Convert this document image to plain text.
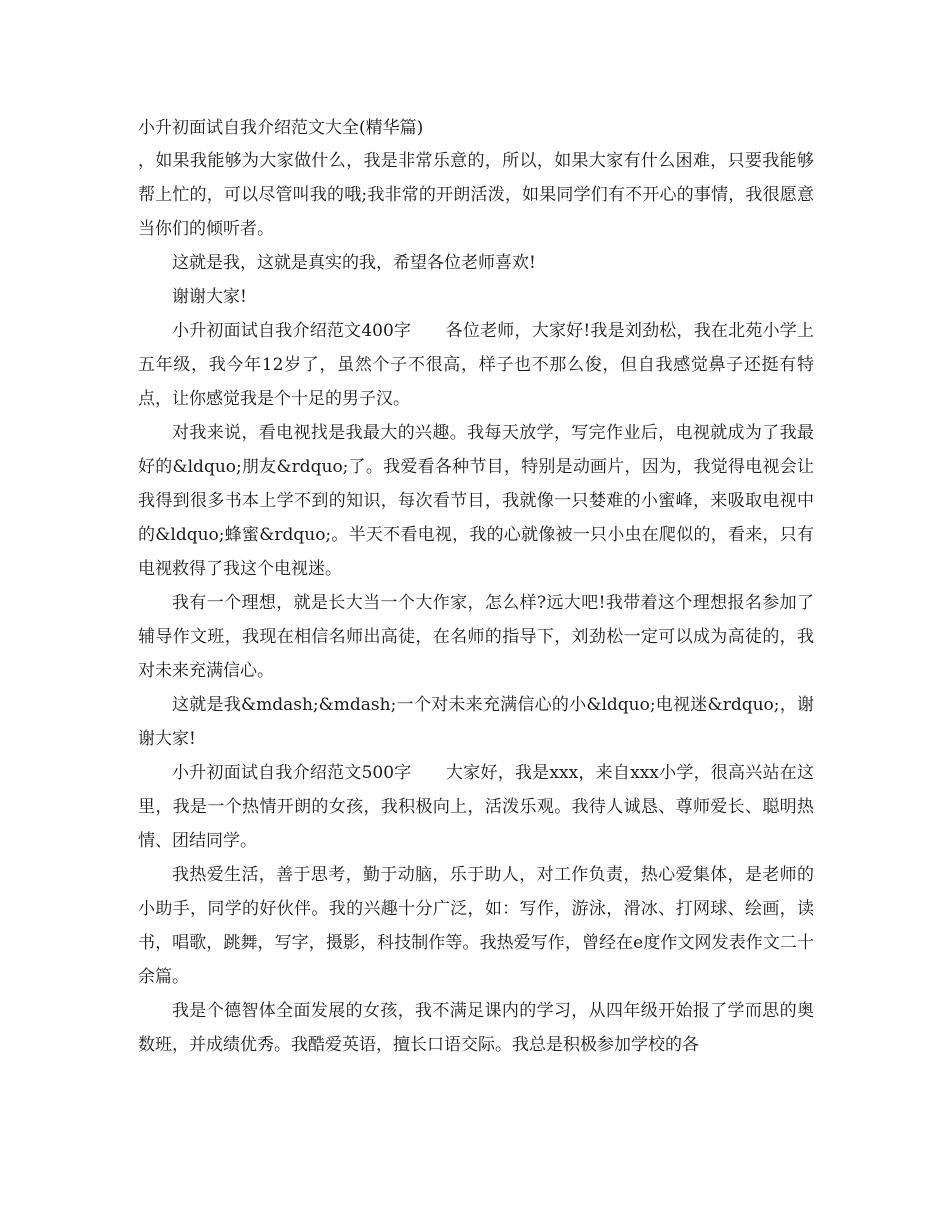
小升初面试自我介绍范文大全(精华篇)

，如果我能够为大家做什么，我是非常乐意的，所以，如果大家有什么困难，只要我能够帮上忙的，可以尽管叫我的哦;我非常的开朗活泼，如果同学们有不开心的事情，我很愿意当你们的倾听者。

这就是我，这就是真实的我，希望各位老师喜欢!

谢谢大家!

小升初面试自我介绍范文400字　　各位老师，大家好!我是刘劲松，我在北苑小学上五年级，我今年12岁了，虽然个子不很高，样子也不那么俊，但自我感觉鼻子还挺有特点，让你感觉我是个十足的男子汉。

对我来说，看电视找是我最大的兴趣。我每天放学，写完作业后，电视就成为了我最好的&ldquo;朋友&rdquo;了。我爱看各种节目，特别是动画片，因为，我觉得电视会让我得到很多书本上学不到的知识，每次看节目，我就像一只婪难的小蜜峰，来吸取电视中的&ldquo;蜂蜜&rdquo;。半天不看电视，我的心就像被一只小虫在爬似的，看来，只有电视救得了我这个电视迷。

我有一个理想，就是长大当一个大作家，怎么样?远大吧!我带着这个理想报名参加了辅导作文班，我现在相信名师出高徒，在名师的指导下，刘劲松一定可以成为高徒的，我对未来充满信心。

这就是我&mdash;&mdash;一个对未来充满信心的小&ldquo;电视迷&rdquo;，谢谢大家!

小升初面试自我介绍范文500字　　大家好，我是xxx，来自xxx小学，很高兴站在这里，我是一个热情开朗的女孩，我积极向上，活泼乐观。我待人诚恳、尊师爱长、聪明热情、团结同学。

我热爱生活，善于思考，勤于动脑，乐于助人，对工作负责，热心爱集体，是老师的小助手，同学的好伙伴。我的兴趣十分广泛，如：写作，游泳，滑冰、打网球、绘画，读书，唱歌，跳舞，写字，摄影，科技制作等。我热爱写作，曾经在e度作文网发表作文二十余篇。

我是个德智体全面发展的女孩，我不满足课内的学习，从四年级开始报了学而思的奥数班，并成绩优秀。我酷爱英语，擅长口语交际。我总是积极参加学校的各
